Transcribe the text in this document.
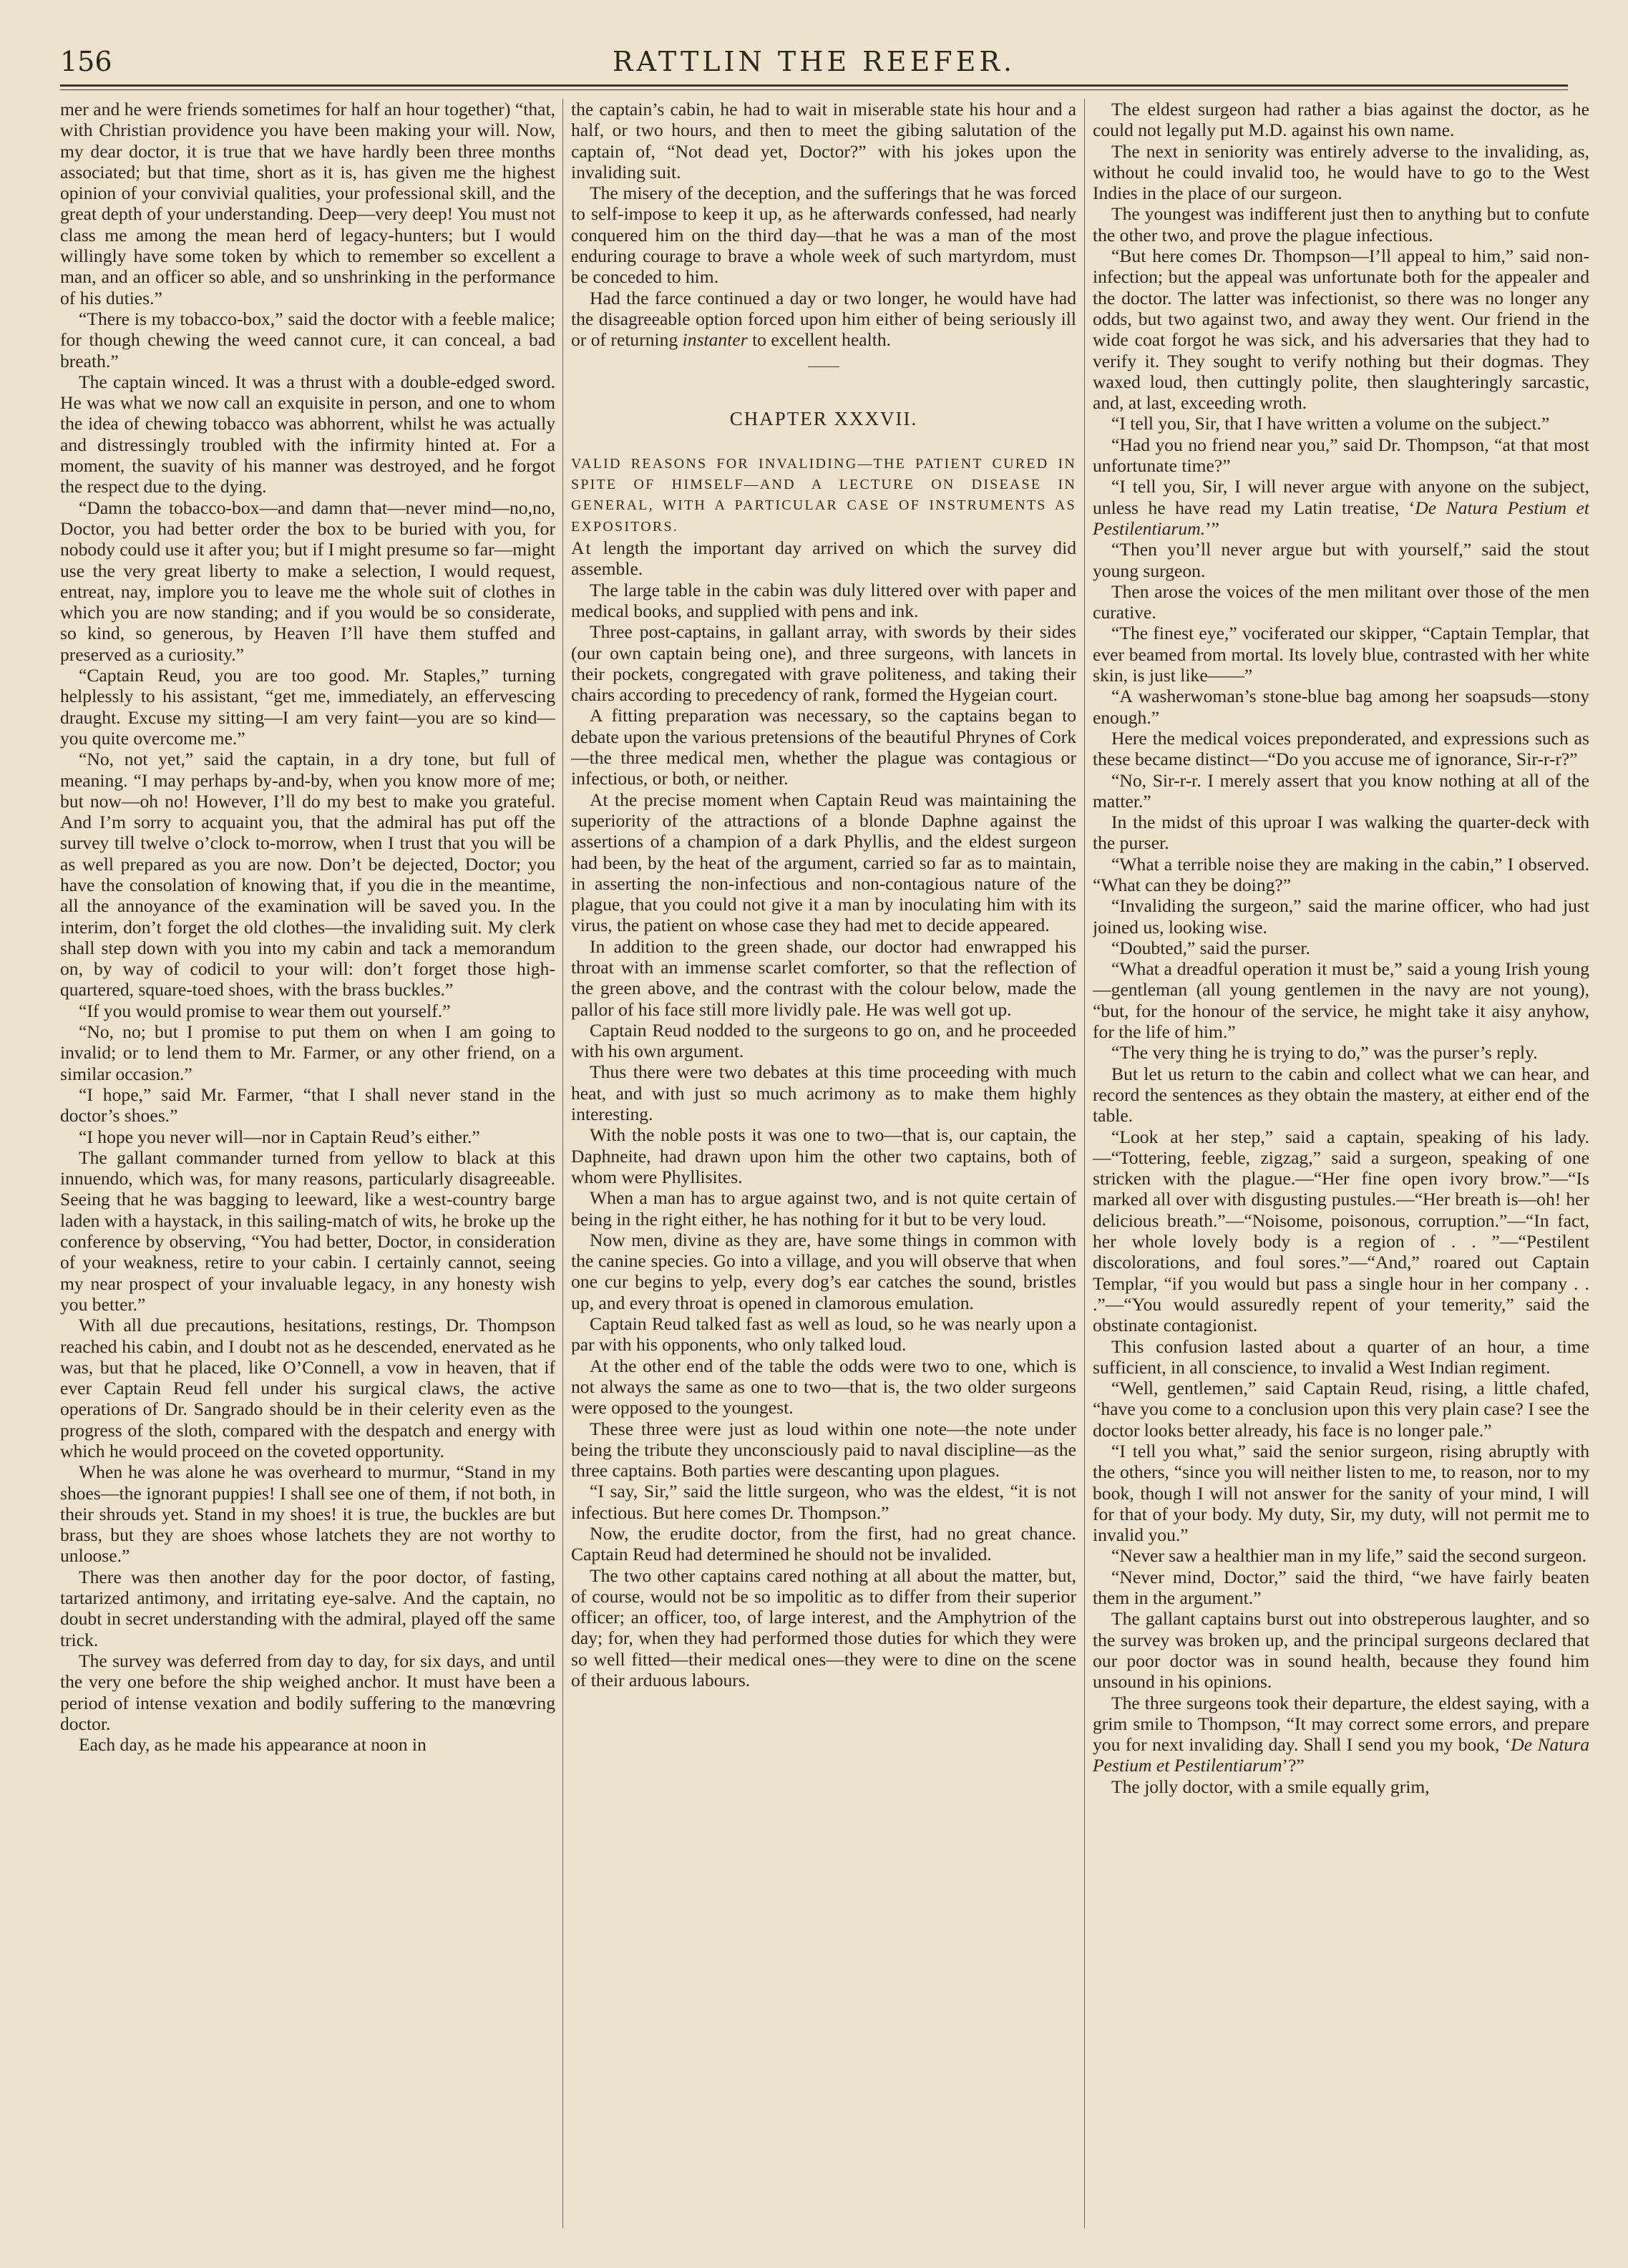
156	RATTLIN THE REEFER.

mer and he were friends sometimes for half an hour together) “that, with Christian providence you have been making your will. Now, my dear doctor, it is true that we have hardly been three months associated; but that time, short as it is, has given me the highest opinion of your convivial qualities, your professional skill, and the great depth of your understanding. Deep—very deep! You must not class me among the mean herd of legacy-hunters; but I would willingly have some token by which to remember so excellent a man, and an officer so able, and so unshrinking in the performance of his duties.”

“There is my tobacco-box,” said the doctor with a feeble malice; for though chewing the weed cannot cure, it can conceal, a bad breath.”

The captain winced. It was a thrust with a double-edged sword. He was what we now call an exquisite in person, and one to whom the idea of chewing tobacco was abhorrent, whilst he was actually and distressingly troubled with the infirmity hinted at. For a moment, the suavity of his manner was destroyed, and he forgot the respect due to the dying.

“Damn the tobacco-box—and damn that—never mind—no,no, Doctor, you had better order the box to be buried with you, for nobody could use it after you; but if I might presume so far—might use the very great liberty to make a selection, I would request, entreat, nay, implore you to leave me the whole suit of clothes in which you are now standing; and if you would be so considerate, so kind, so generous, by Heaven I’ll have them stuffed and preserved as a curiosity.”

“Captain Reud, you are too good. Mr. Staples,” turning helplessly to his assistant, “get me, immediately, an effervescing draught. Excuse my sitting—I am very faint—you are so kind—you quite overcome me.”

“No, not yet,” said the captain, in a dry tone, but full of meaning. “I may perhaps by-and-by, when you know more of me; but now—oh no! However, I’ll do my best to make you grateful. And I’m sorry to acquaint you, that the admiral has put off the survey till twelve o’clock to-morrow, when I trust that you will be as well prepared as you are now. Don’t be dejected, Doctor; you have the consolation of knowing that, if you die in the meantime, all the annoyance of the examination will be saved you. In the interim, don’t forget the old clothes—the invaliding suit. My clerk shall step down with you into my cabin and tack a memorandum on, by way of codicil to your will: don’t forget those high-quartered, square-toed shoes, with the brass buckles.”

“If you would promise to wear them out yourself.”

“No, no; but I promise to put them on when I am going to invalid; or to lend them to Mr. Farmer, or any other friend, on a similar occasion.”

“I hope,” said Mr. Farmer, “that I shall never stand in the doctor’s shoes.”

“I hope you never will—nor in Captain Reud’s either.”

The gallant commander turned from yellow to black at this innuendo, which was, for many reasons, particularly disagreeable. Seeing that he was bagging to leeward, like a west-country barge laden with a haystack, in this sailing-match of wits, he broke up the conference by observing, “You had better, Doctor, in consideration of your weakness, retire to your cabin. I certainly cannot, seeing my near prospect of your invaluable legacy, in any honesty wish you better.”

With all due precautions, hesitations, restings, Dr. Thompson reached his cabin, and I doubt not as he descended, enervated as he was, but that he placed, like O’Connell, a vow in heaven, that if ever Captain Reud fell under his surgical claws, the active operations of Dr. Sangrado should be in their celerity even as the progress of the sloth, compared with the despatch and energy with which he would proceed on the coveted opportunity.

When he was alone he was overheard to murmur, “Stand in my shoes—the ignorant puppies! I shall see one of them, if not both, in their shrouds yet. Stand in my shoes! it is true, the buckles are but brass, but they are shoes whose latchets they are not worthy to unloose.”

There was then another day for the poor doctor, of fasting, tartarized antimony, and irritating eye-salve. And the captain, no doubt in secret understanding with the admiral, played off the same trick.

The survey was deferred from day to day, for six days, and until the very one before the ship weighed anchor. It must have been a period of intense vexation and bodily suffering to the manœvring doctor.

Each day, as he made his appearance at noon in

the captain’s cabin, he had to wait in miserable state his hour and a half, or two hours, and then to meet the gibing salutation of the captain of, “Not dead yet, Doctor?” with his jokes upon the invaliding suit.

The misery of the deception, and the sufferings that he was forced to self-impose to keep it up, as he afterwards confessed, had nearly conquered him on the third day—that he was a man of the most enduring courage to brave a whole week of such martyrdom, must be conceded to him.

Had the farce continued a day or two longer, he would have had the disagreeable option forced upon him either of being seriously ill or of returning instanter to excellent health.

CHAPTER XXXVII.

VALID REASONS FOR INVALIDING—THE PATIENT CURED IN SPITE OF HIMSELF—AND A LECTURE ON DISEASE IN GENERAL, WITH A PARTICULAR CASE OF INSTRUMENTS AS EXPOSITORS.

At length the important day arrived on which the survey did assemble.

The large table in the cabin was duly littered over with paper and medical books, and supplied with pens and ink.

Three post-captains, in gallant array, with swords by their sides (our own captain being one), and three surgeons, with lancets in their pockets, congregated with grave politeness, and taking their chairs according to precedency of rank, formed the Hygeian court.

A fitting preparation was necessary, so the captains began to debate upon the various pretensions of the beautiful Phrynes of Cork—the three medical men, whether the plague was contagious or infectious, or both, or neither.

At the precise moment when Captain Reud was maintaining the superiority of the attractions of a blonde Daphne against the assertions of a champion of a dark Phyllis, and the eldest surgeon had been, by the heat of the argument, carried so far as to maintain, in asserting the non-infectious and non-contagious nature of the plague, that you could not give it a man by inoculating him with its virus, the patient on whose case they had met to decide appeared.

In addition to the green shade, our doctor had enwrapped his throat with an immense scarlet comforter, so that the reflection of the green above, and the contrast with the colour below, made the pallor of his face still more lividly pale. He was well got up.

Captain Reud nodded to the surgeons to go on, and he proceeded with his own argument.

Thus there were two debates at this time proceeding with much heat, and with just so much acrimony as to make them highly interesting.

With the noble posts it was one to two—that is, our captain, the Daphneite, had drawn upon him the other two captains, both of whom were Phyllisites.

When a man has to argue against two, and is not quite certain of being in the right either, he has nothing for it but to be very loud.

Now men, divine as they are, have some things in common with the canine species. Go into a village, and you will observe that when one cur begins to yelp, every dog’s ear catches the sound, bristles up, and every throat is opened in clamorous emulation.

Captain Reud talked fast as well as loud, so he was nearly upon a par with his opponents, who only talked loud.

At the other end of the table the odds were two to one, which is not always the same as one to two—that is, the two older surgeons were opposed to the youngest.

These three were just as loud within one note—the note under being the tribute they unconsciously paid to naval discipline—as the three captains. Both parties were descanting upon plagues.

“I say, Sir,” said the little surgeon, who was the eldest, “it is not infectious. But here comes Dr. Thompson.”

Now, the erudite doctor, from the first, had no great chance. Captain Reud had determined he should not be invalided.

The two other captains cared nothing at all about the matter, but, of course, would not be so impolitic as to differ from their superior officer; an officer, too, of large interest, and the Amphytrion of the day; for, when they had performed those duties for which they were so well fitted—their medical ones—they were to dine on the scene of their arduous labours.

The eldest surgeon had rather a bias against the doctor, as he could not legally put M.D. against his own name.

The next in seniority was entirely adverse to the invaliding, as, without he could invalid too, he would have to go to the West Indies in the place of our surgeon.

The youngest was indifferent just then to anything but to confute the other two, and prove the plague infectious.

“But here comes Dr. Thompson—I’ll appeal to him,” said non-infection; but the appeal was unfortunate both for the appealer and the doctor. The latter was infectionist, so there was no longer any odds, but two against two, and away they went. Our friend in the wide coat forgot he was sick, and his adversaries that they had to verify it. They sought to verify nothing but their dogmas. They waxed loud, then cuttingly polite, then slaughteringly sarcastic, and, at last, exceeding wroth.

“I tell you, Sir, that I have written a volume on the subject.”

“Had you no friend near you,” said Dr. Thompson, “at that most unfortunate time?”

“I tell you, Sir, I will never argue with anyone on the subject, unless he have read my Latin treatise, ‘De Natura Pestium et Pestilentiarum.’”

“Then you’ll never argue but with yourself,” said the stout young surgeon.

Then arose the voices of the men militant over those of the men curative.

“The finest eye,” vociferated our skipper, “Captain Templar, that ever beamed from mortal. Its lovely blue, contrasted with her white skin, is just like——”

“A washerwoman’s stone-blue bag among her soapsuds—stony enough.”

Here the medical voices preponderated, and expressions such as these became distinct—“Do you accuse me of ignorance, Sir-r-r?”

“No, Sir-r-r. I merely assert that you know nothing at all of the matter.”

In the midst of this uproar I was walking the quarter-deck with the purser.

“What a terrible noise they are making in the cabin,” I observed. “What can they be doing?”

“Invaliding the surgeon,” said the marine officer, who had just joined us, looking wise.

“Doubted,” said the purser.

“What a dreadful operation it must be,” said a young Irish young—gentleman (all young gentlemen in the navy are not young), “but, for the honour of the service, he might take it aisy anyhow, for the life of him.”

“The very thing he is trying to do,” was the purser’s reply.

But let us return to the cabin and collect what we can hear, and record the sentences as they obtain the mastery, at either end of the table.

“Look at her step,” said a captain, speaking of his lady.—“Tottering, feeble, zigzag,” said a surgeon, speaking of one stricken with the plague.—“Her fine open ivory brow.”—“Is marked all over with disgusting pustules.—“Her breath is—oh! her delicious breath.”—“Noisome, poisonous, corruption.”—“In fact, her whole lovely body is a region of . . ”—“Pestilent discolorations, and foul sores.”—“And,” roared out Captain Templar, “if you would but pass a single hour in her company . . .”—“You would assuredly repent of your temerity,” said the obstinate contagionist.

This confusion lasted about a quarter of an hour, a time sufficient, in all conscience, to invalid a West Indian regiment.

“Well, gentlemen,” said Captain Reud, rising, a little chafed, “have you come to a conclusion upon this very plain case? I see the doctor looks better already, his face is no longer pale.”

“I tell you what,” said the senior surgeon, rising abruptly with the others, “since you will neither listen to me, to reason, nor to my book, though I will not answer for the sanity of your mind, I will for that of your body. My duty, Sir, my duty, will not permit me to invalid you.”

“Never saw a healthier man in my life,” said the second surgeon.

“Never mind, Doctor,” said the third, “we have fairly beaten them in the argument.”

The gallant captains burst out into obstreperous laughter, and so the survey was broken up, and the principal surgeons declared that our poor doctor was in sound health, because they found him unsound in his opinions.

The three surgeons took their departure, the eldest saying, with a grim smile to Thompson, “It may correct some errors, and prepare you for next invaliding day. Shall I send you my book, ‘De Natura Pestium et Pestilentiarum’?”

The jolly doctor, with a smile equally grim,
